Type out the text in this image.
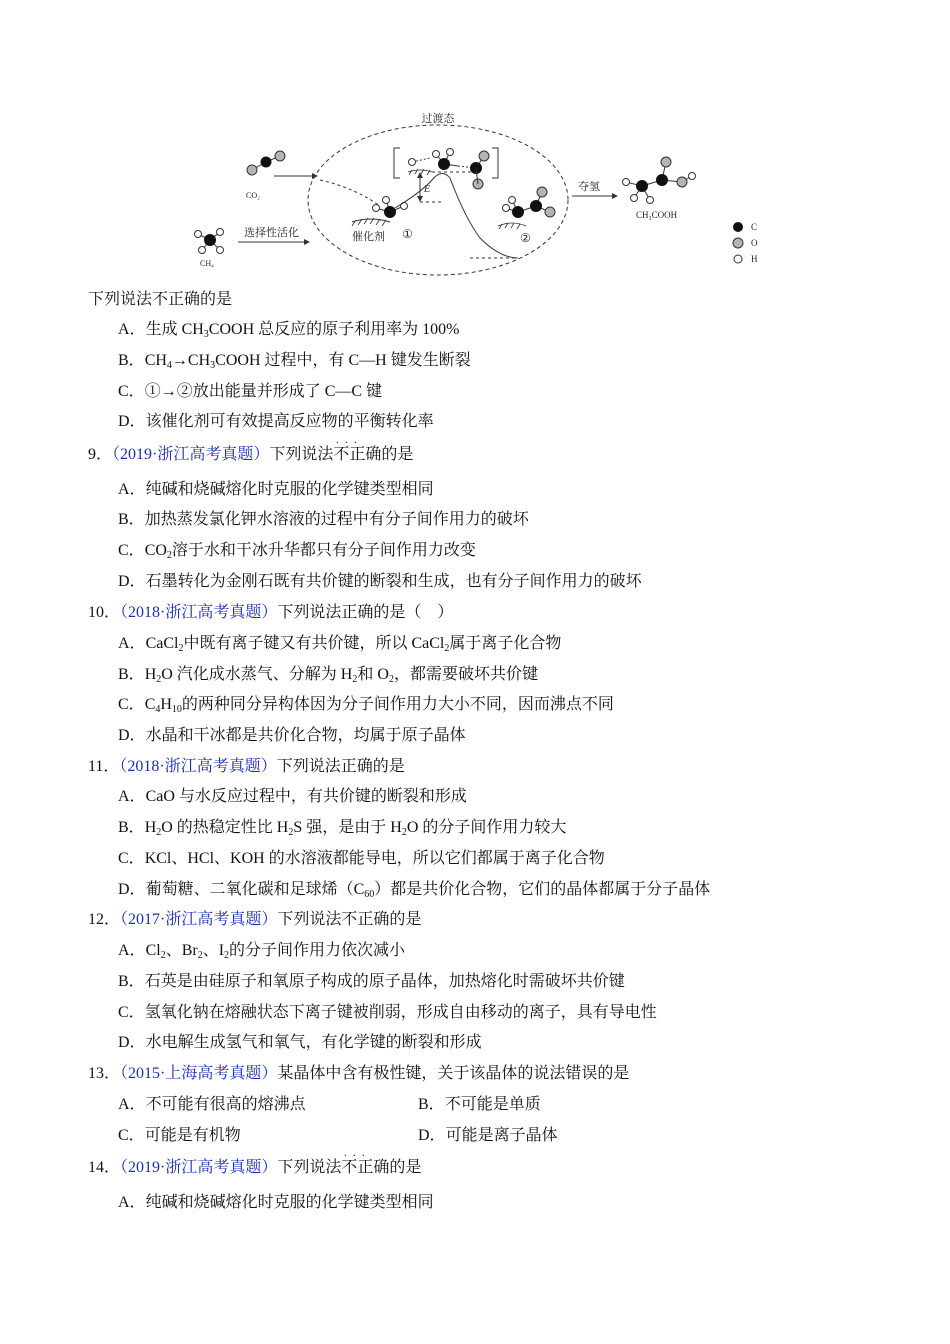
过渡态
CO₂
CH₄
选择性活化	催化剂 ①
E
②
夺氢
CH₃COOH
C
O
H
下列说法不正确的是
A．生成 $CH_3COOH$ 总反应的原子利用率为 100%
B．$CH_4\to CH_3COOH$ 过程中，有 C—H 键发生断裂
C．①→②放出能量并形成了 C—C 键
D．该催化剂可有效提高反应物的平衡转化率
9．（2019·浙江高考真题）下列说法· · · 不正确的是
A．纯碱和烧碱熔化时克服的化学键类型相同
B．加热蒸发氯化钾水溶液的过程中有分子间作用力的破坏
C．$CO_2$溶于水和干冰升华都只有分子间作用力改变
D．石墨转化为金刚石既有共价键的断裂和生成，也有分子间作用力的破坏
10．（2018·浙江高考真题）下列说法正确的是（　）
A．CaCl$_2$中既有离子键又有共价键，所以 CaCl$_2$属于离子化合物
B．$H_2O$ 汽化成水蒸气、分解为 $H_2$和 $O_2$，都需要破坏共价键
C．$C_4H_{10}$的两种同分异构体因为分子间作用力大小不同，因而沸点不同
D．水晶和干冰都是共价化合物，均属于原子晶体
11．（2018·浙江高考真题）下列说法正确的是
A．CaO 与水反应过程中，有共价键的断裂和形成
B．$H_2O$ 的热稳定性比 $H_2S$ 强，是由于 $H_2O$ 的分子间作用力较大
C．KCl、HCl、KOH 的水溶液都能导电，所以它们都属于离子化合物
D．葡萄糖、二氧化碳和足球烯$(C_{60})$都是共价化合物，它们的晶体都属于分子晶体
12．（2017·浙江高考真题）下列说法不正确的是
A．$Cl_2$、$Br_2$、$I_2$的分子间作用力依次减小
B．石英是由硅原子和氧原子构成的原子晶体，加热熔化时需破坏共价键
C．氢氧化钠在熔融状态下离子键被削弱，形成自由移动的离子，具有导电性
D．水电解生成氢气和氧气，有化学键的断裂和形成
13．（2015·上海高考真题）某晶体中含有极性键，关于该晶体的说法错误的是
A．不可能有很高的熔沸点	B．不可能是单质
C．可能是有机物	D．可能是离子晶体
14．（2019·浙江高考真题）下列说法· · · 不正确的是
A．纯碱和烧碱熔化时克服的化学键类型相同
